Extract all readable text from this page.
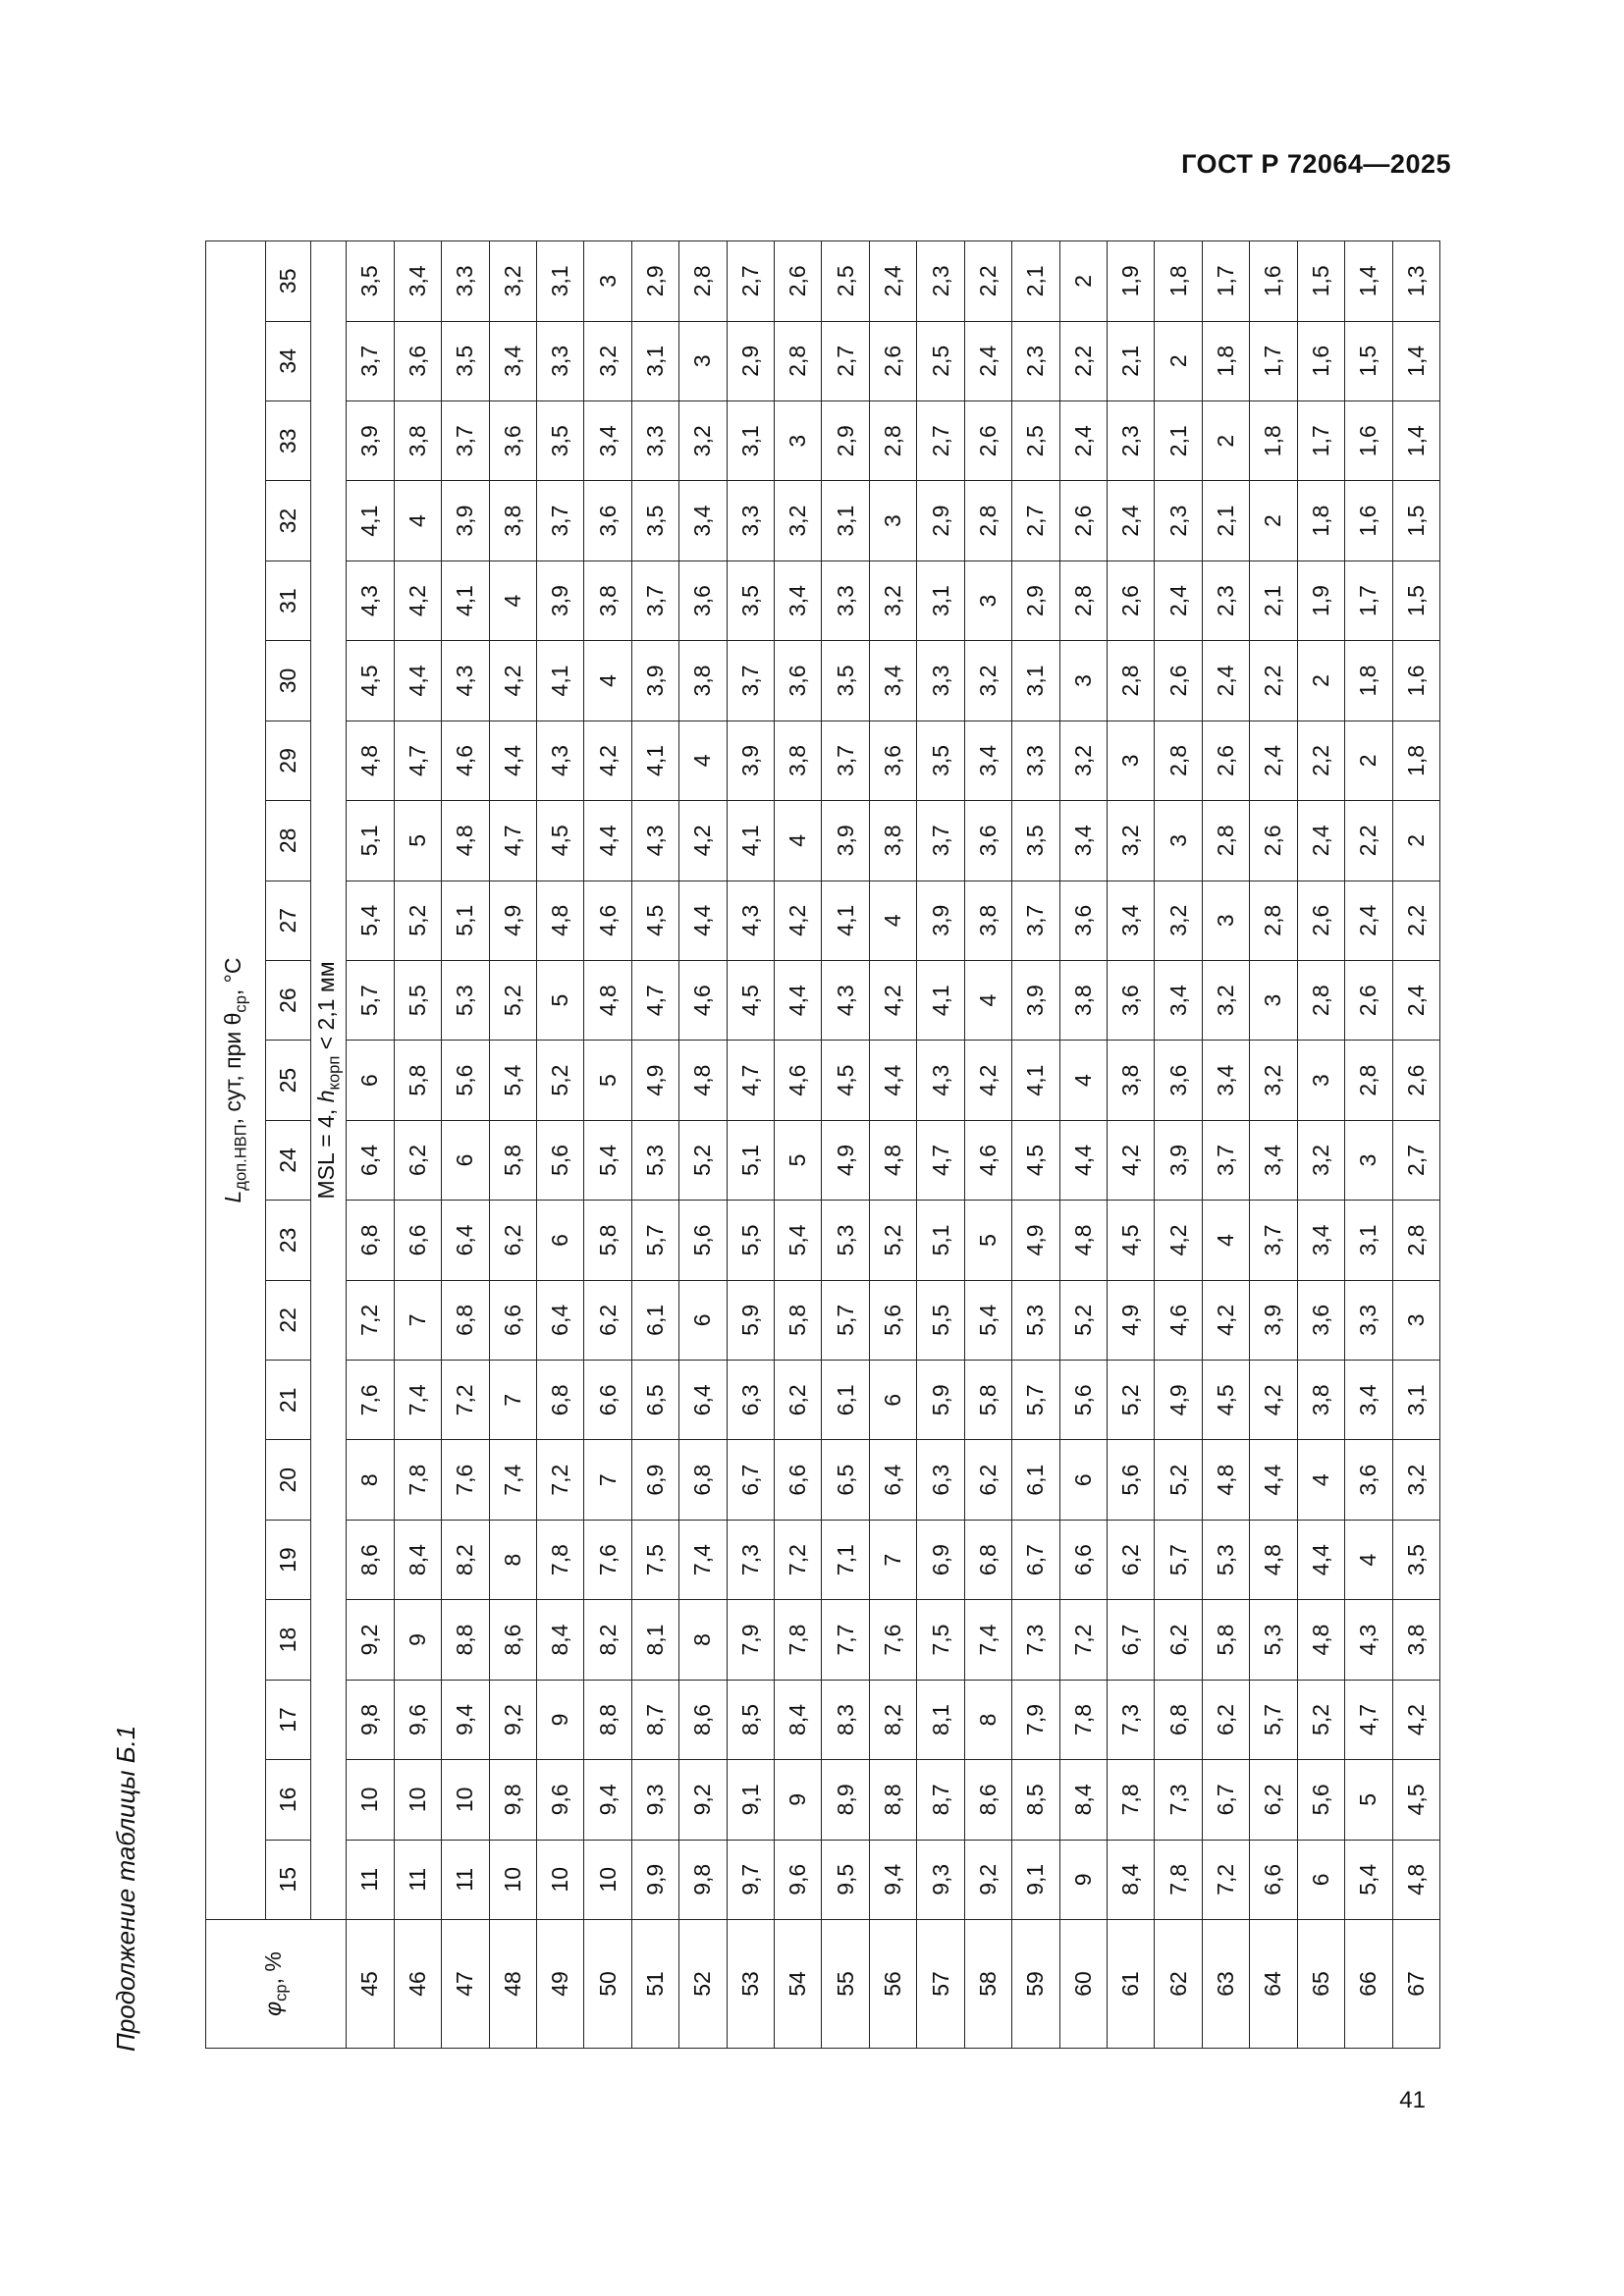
ГОСТ Р 72064—2025
Продолжение таблицы Б.1	$\varphi_{ср}$, %	$L_{доп.НВП}$, сут, при $\theta_{ср}$, °С																				
	15	16	17	18	19	20	21	22	23	24	25	26	27	28	29	30	31	32	33	34	35
	MSL = 4, $h_{корп} < 2,1$ мм																				
45	11	10	9,8	9,2	8,6	8	7,6	7,2	6,8	6,4	6	5,7	5,4	5,1	4,8	4,5	4,3	4,1	3,9	3,7	3,5
46	11	10	9,6	9	8,4	7,8	7,4	7	6,6	6,2	5,8	5,5	5,2	5	4,7	4,4	4,2	4	3,8	3,6	3,4
47	11	10	9,4	8,8	8,2	7,6	7,2	6,8	6,4	6	5,6	5,3	5,1	4,8	4,6	4,3	4,1	3,9	3,7	3,5	3,3
48	10	9,8	9,2	8,6	8	7,4	7	6,6	6,2	5,8	5,4	5,2	4,9	4,7	4,4	4,2	4	3,8	3,6	3,4	3,2
49	10	9,6	9	8,4	7,8	7,2	6,8	6,4	6	5,6	5,2	5	4,8	4,5	4,3	4,1	3,9	3,7	3,5	3,3	3,1
50	10	9,4	8,8	8,2	7,6	7	6,6	6,2	5,8	5,4	5	4,8	4,6	4,4	4,2	4	3,8	3,6	3,4	3,2	3
51	9,9	9,3	8,7	8,1	7,5	6,9	6,5	6,1	5,7	5,3	4,9	4,7	4,5	4,3	4,1	3,9	3,7	3,5	3,3	3,1	2,9
52	9,8	9,2	8,6	8	7,4	6,8	6,4	6	5,6	5,2	4,8	4,6	4,4	4,2	4	3,8	3,6	3,4	3,2	3	2,8
53	9,7	9,1	8,5	7,9	7,3	6,7	6,3	5,9	5,5	5,1	4,7	4,5	4,3	4,1	3,9	3,7	3,5	3,3	3,1	2,9	2,7
54	9,6	9	8,4	7,8	7,2	6,6	6,2	5,8	5,4	5	4,6	4,4	4,2	4	3,8	3,6	3,4	3,2	3	2,8	2,6
55	9,5	8,9	8,3	7,7	7,1	6,5	6,1	5,7	5,3	4,9	4,5	4,3	4,1	3,9	3,7	3,5	3,3	3,1	2,9	2,7	2,5
56	9,4	8,8	8,2	7,6	7	6,4	6	5,6	5,2	4,8	4,4	4,2	4	3,8	3,6	3,4	3,2	3	2,8	2,6	2,4
57	9,3	8,7	8,1	7,5	6,9	6,3	5,9	5,5	5,1	4,7	4,3	4,1	3,9	3,7	3,5	3,3	3,1	2,9	2,7	2,5	2,3
58	9,2	8,6	8	7,4	6,8	6,2	5,8	5,4	5	4,6	4,2	4	3,8	3,6	3,4	3,2	3	2,8	2,6	2,4	2,2
59	9,1	8,5	7,9	7,3	6,7	6,1	5,7	5,3	4,9	4,5	4,1	3,9	3,7	3,5	3,3	3,1	2,9	2,7	2,5	2,3	2,1
60	9	8,4	7,8	7,2	6,6	6	5,6	5,2	4,8	4,4	4	3,8	3,6	3,4	3,2	3	2,8	2,6	2,4	2,2	2
61	8,4	7,8	7,3	6,7	6,2	5,6	5,2	4,9	4,5	4,2	3,8	3,6	3,4	3,2	3	2,8	2,6	2,4	2,3	2,1	1,9
62	7,8	7,3	6,8	6,2	5,7	5,2	4,9	4,6	4,2	3,9	3,6	3,4	3,2	3	2,8	2,6	2,4	2,3	2,1	2	1,8
63	7,2	6,7	6,2	5,8	5,3	4,8	4,5	4,2	4	3,7	3,4	3,2	3	2,8	2,6	2,4	2,3	2,1	2	1,8	1,7
64	6,6	6,2	5,7	5,3	4,8	4,4	4,2	3,9	3,7	3,4	3,2	3	2,8	2,6	2,4	2,2	2,1	2	1,8	1,7	1,6
65	6	5,6	5,2	4,8	4,4	4	3,8	3,6	3,4	3,2	3	2,8	2,6	2,4	2,2	2	1,9	1,8	1,7	1,6	1,5
66	5,4	5	4,7	4,3	4	3,6	3,4	3,3	3,1	3	2,8	2,6	2,4	2,2	2	1,8	1,7	1,6	1,6	1,5	1,4
67	4,8	4,5	4,2	3,8	3,5	3,2	3,1	3	2,8	2,7	2,6	2,4	2,2	2	1,8	1,6	1,5	1,5	1,4	1,4	1,3
41
